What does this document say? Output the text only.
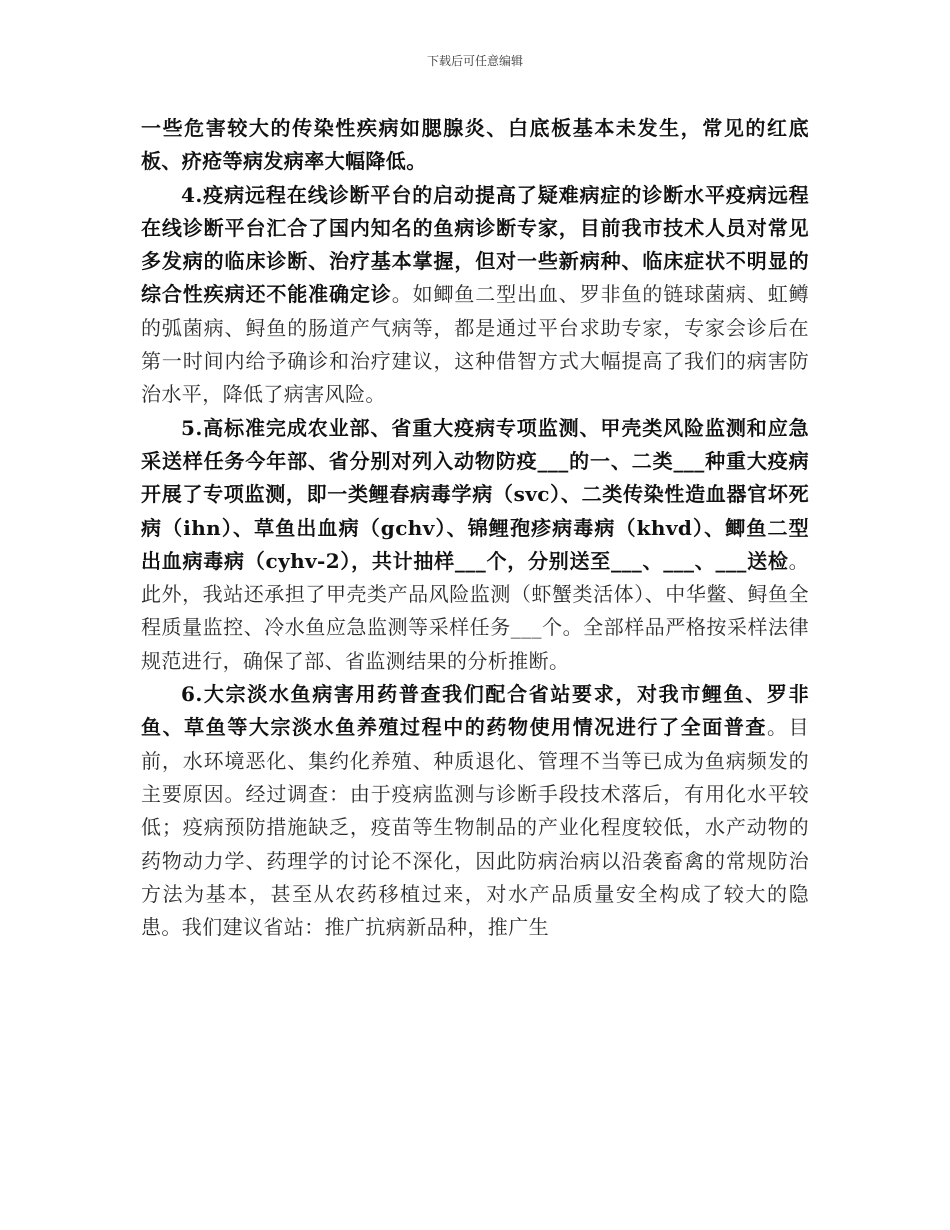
下载后可任意编辑

一些危害较大的传染性疾病如腮腺炎、白底板基本未发生，常见的红底板、疥疮等病发病率大幅降低。

4.疫病远程在线诊断平台的启动提高了疑难病症的诊断水平疫病远程在线诊断平台汇合了国内知名的鱼病诊断专家，目前我市技术人员对常见多发病的临床诊断、治疗基本掌握，但对一些新病种、临床症状不明显的综合性疾病还不能准确定诊。如鲫鱼二型出血、罗非鱼的链球菌病、虹鳟的弧菌病、鲟鱼的肠道产气病等，都是通过平台求助专家，专家会诊后在第一时间内给予确诊和治疗建议，这种借智方式大幅提高了我们的病害防治水平，降低了病害风险。

5.高标准完成农业部、省重大疫病专项监测、甲壳类风险监测和应急采送样任务今年部、省分别对列入动物防疫___的一、二类___种重大疫病开展了专项监测，即一类鲤春病毒学病（svc）、二类传染性造血器官坏死病（ihn）、草鱼出血病（gchv）、锦鲤孢疹病毒病（khvd）、鲫鱼二型出血病毒病（cyhv-2），共计抽样___个，分别送至___、___、___送检。此外，我站还承担了甲壳类产品风险监测（虾蟹类活体）、中华鳖、鲟鱼全程质量监控、冷水鱼应急监测等采样任务___个。全部样品严格按采样法律规范进行，确保了部、省监测结果的分析推断。

6.大宗淡水鱼病害用药普查我们配合省站要求，对我市鲤鱼、罗非鱼、草鱼等大宗淡水鱼养殖过程中的药物使用情况进行了全面普查。目前，水环境恶化、集约化养殖、种质退化、管理不当等已成为鱼病频发的主要原因。经过调查：由于疫病监测与诊断手段技术落后，有用化水平较低；疫病预防措施缺乏，疫苗等生物制品的产业化程度较低，水产动物的药物动力学、药理学的讨论不深化，因此防病治病以沿袭畜禽的常规防治方法为基本，甚至从农药移植过来，对水产品质量安全构成了较大的隐患。我们建议省站：推广抗病新品种，推广生
